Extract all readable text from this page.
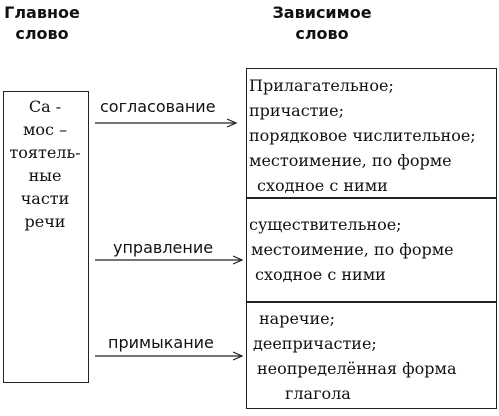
Главное
слово
Зависимое
слово
Са -
мос –
тоятель-
ные
части
речи
Прилагательное;
причастие;
порядковое числительное;
местоимение, по форме
сходное с ними
существительное;
местоимение, по форме
сходное с ними
наречие;
деепричастие;
неопределённая форма
глагола
согласование
управление
примыкание
